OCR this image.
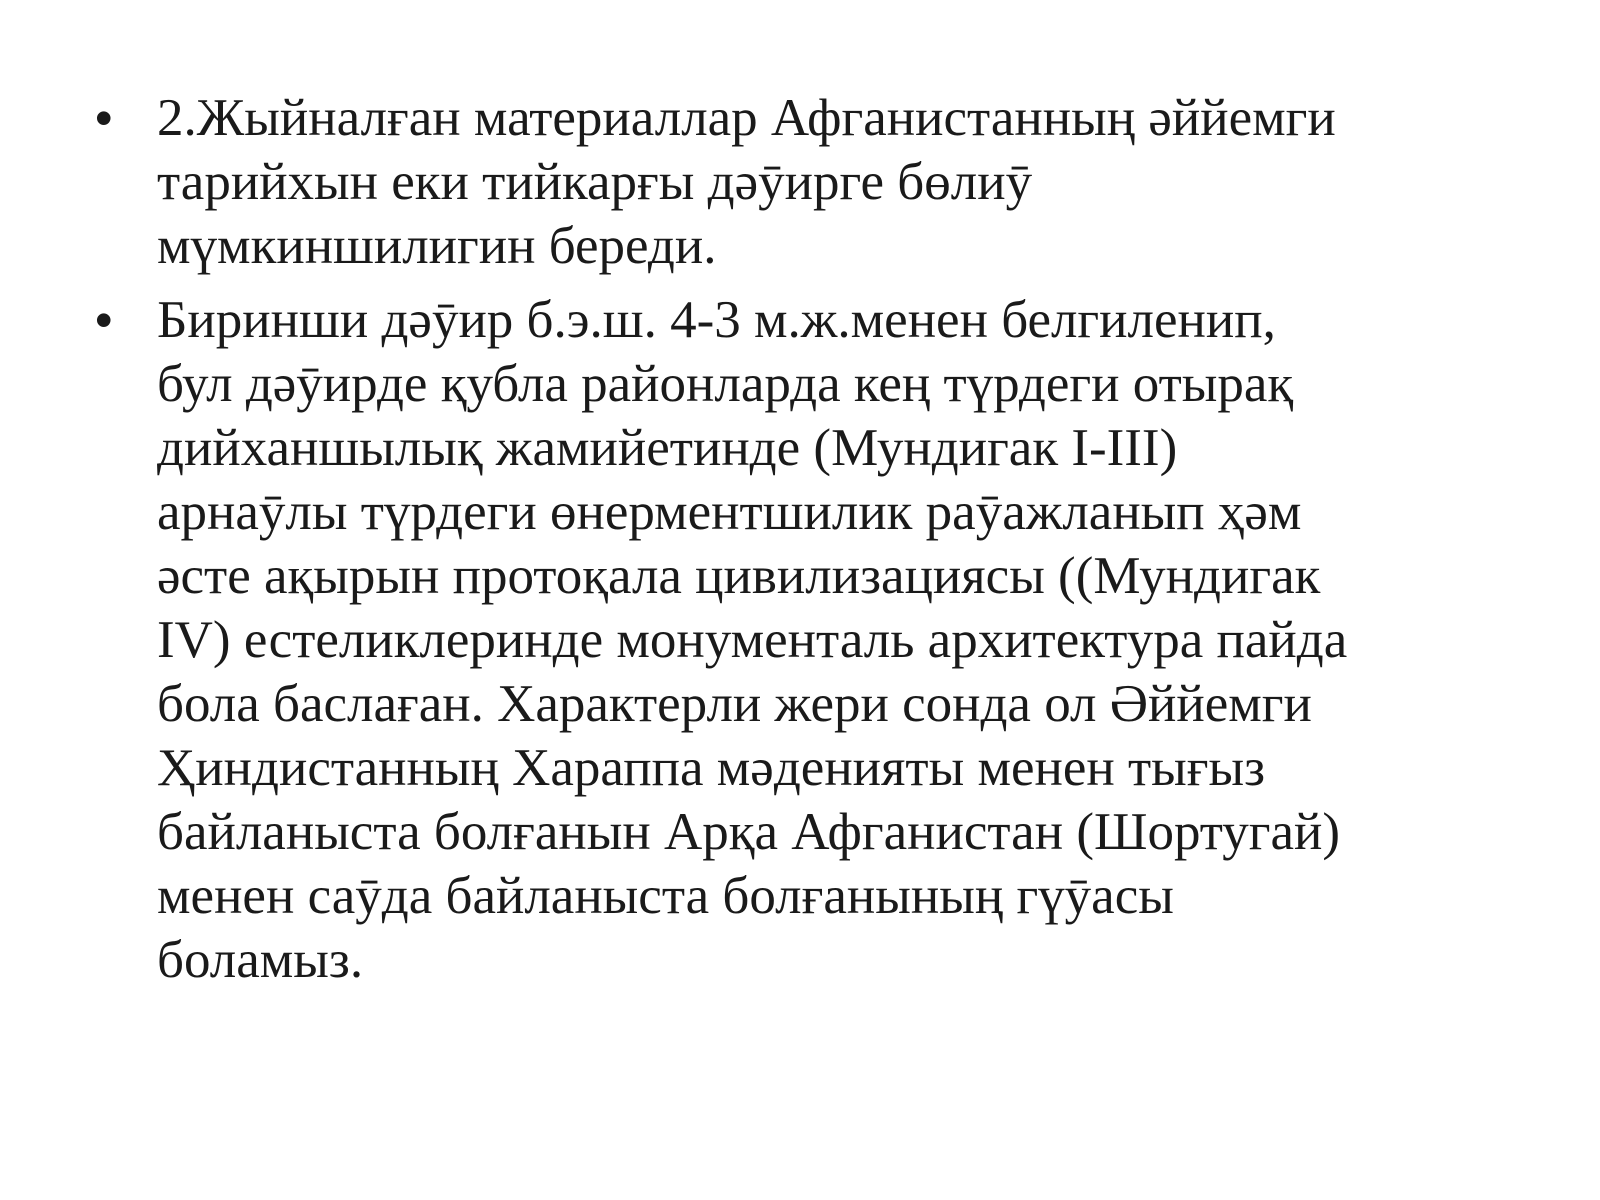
• 2.Жыйналған материаллар Афганистанның әййемги
тарийхын еки тийкарғы дәӯирге бөлиӯ
мүмкиншилигин береди.
• Биринши дәӯир б.э.ш. 4-3 м.ж.менен белгиленип,
бул дәӯирде қубла районларда кең түрдеги отырақ
дийханшылық жамийетинде (Мундигак I-III)
арнаӯлы түрдеги өнерментшилик раӯажланып ҳәм
әсте ақырын протоқала цивилизациясы ((Мундигак
IV) естеликлеринде монументаль архитектура пайда
бола баслаған. Характерли жери сонда ол Әййемги
Ҳиндистанның Хараппа мәденияты менен тығыз
байланыста болғанын Арқа Афганистан (Шортугай)
менен саӯда байланыста болғанының гүӯасы
боламыз.
